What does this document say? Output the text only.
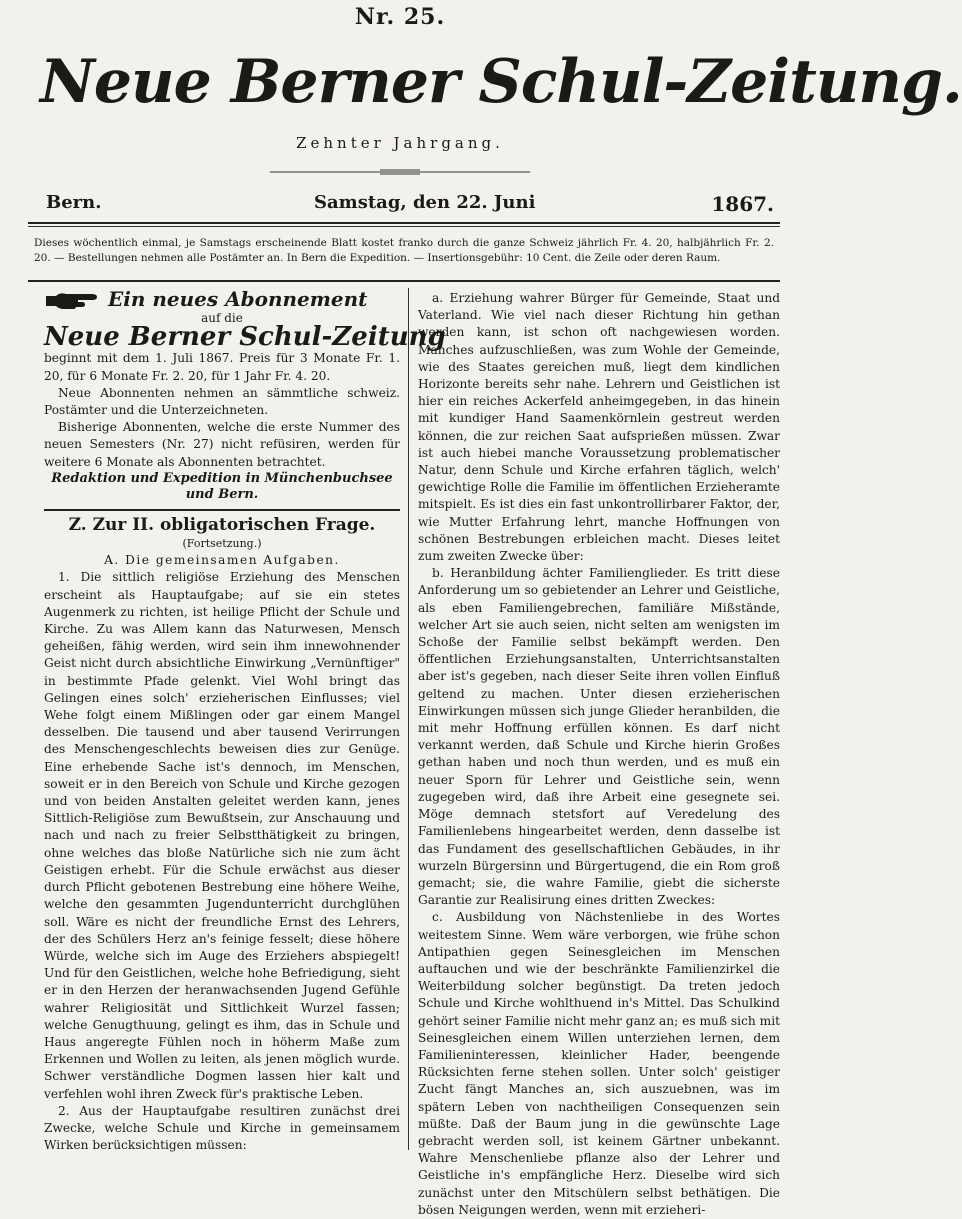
Nr. 25.
Neue Berner Schul-Zeitung.
Zehnter Jahrgang.
Bern.	Samstag, den 22. Juni	1867.
Dieses wöchentlich einmal, je Samstags erscheinende Blatt kostet franko durch die ganze Schweiz jährlich Fr. 4. 20, halbjährlich Fr. 2. 20. — Bestellungen nehmen alle Postämter an. In Bern die Expedition. — Insertionsgebühr: 10 Cent. die Zeile oder deren Raum.
Ein neues Abonnement

auf die

Neue Berner Schul-Zeitung

beginnt mit dem 1. Juli 1867. Preis für 3 Monate Fr. 1. 20, für 6 Monate Fr. 2. 20, für 1 Jahr Fr. 4. 20.

Neue Abonnenten nehmen an sämmtliche schweiz. Postämter und die Unterzeichneten.

Bisherige Abonnenten, welche die erste Nummer des neuen Semesters (Nr. 27) nicht refüsiren, werden für weitere 6 Monate als Abonnenten betrachtet.

Redaktion und Expedition in Münchenbuchsee und Bern.
Z. Zur II. obligatorischen Frage.

(Fortsetzung.)

A. Die gemeinsamen Aufgaben.

1. Die sittlich religiöse Erziehung des Menschen erscheint als Hauptaufgabe; auf sie ein stetes Augenmerk zu richten, ist heilige Pflicht der Schule und Kirche. Zu was Allem kann das Naturwesen, Mensch geheißen, fähig werden, wird sein ihm innewohnender Geist nicht durch absichtliche Einwirkung „Vernünftiger" in bestimmte Pfade gelenkt. Viel Wohl bringt das Gelingen eines solch' erzieherischen Einflusses; viel Wehe folgt einem Mißlingen oder gar einem Mangel desselben. Die tausend und aber tausend Verirrungen des Menschengeschlechts beweisen dies zur Genüge. Eine erhebende Sache ist's dennoch, im Menschen, soweit er in den Bereich von Schule und Kirche gezogen und von beiden Anstalten geleitet werden kann, jenes Sittlich-Religiöse zum Bewußtsein, zur Anschauung und nach und nach zu freier Selbstthätigkeit zu bringen, ohne welches das bloße Natürliche sich nie zum ächt Geistigen erhebt. Für die Schule erwächst aus dieser durch Pflicht gebotenen Bestrebung eine höhere Weihe, welche den gesammten Jugendunterricht durchglühen soll. Wäre es nicht der freundliche Ernst des Lehrers, der des Schülers Herz an's feinige fesselt; diese höhere Würde, welche sich im Auge des Erziehers abspiegelt! Und für den Geistlichen, welche hohe Befriedigung, sieht er in den Herzen der heranwachsenden Jugend Gefühle wahrer Religiosität und Sittlichkeit Wurzel fassen; welche Genugthuung, gelingt es ihm, das in Schule und Haus angeregte Fühlen noch in höherm Maße zum Erkennen und Wollen zu leiten, als jenen möglich wurde. Schwer verständliche Dogmen lassen hier kalt und verfehlen wohl ihren Zweck für's praktische Leben.

2. Aus der Hauptaufgabe resultiren zunächst drei Zwecke, welche Schule und Kirche in gemeinsamem Wirken berücksichtigen müssen:

a. Erziehung wahrer Bürger für Gemeinde, Staat und Vaterland. Wie viel nach dieser Richtung hin gethan werden kann, ist schon oft nachgewiesen worden. Manches aufzuschließen, was zum Wohle der Gemeinde, wie des Staates gereichen muß, liegt dem kindlichen Horizonte bereits sehr nahe. Lehrern und Geistlichen ist hier ein reiches Ackerfeld anheimgegeben, in das hinein mit kundiger Hand Saamenkörnlein gestreut werden können, die zur reichen Saat aufsprießen müssen. Zwar ist auch hiebei manche Voraussetzung problematischer Natur, denn Schule und Kirche erfahren täglich, welch' gewichtige Rolle die Familie im öffentlichen Erzieheramte mitspielt. Es ist dies ein fast unkontrollirbarer Faktor, der, wie Mutter Erfahrung lehrt, manche Hoffnungen von schönen Bestrebungen erbleichen macht. Dieses leitet zum zweiten Zwecke über:

b. Heranbildung ächter Familienglieder. Es tritt diese Anforderung um so gebietender an Lehrer und Geistliche, als eben Familiengebrechen, familiäre Mißstände, welcher Art sie auch seien, nicht selten am wenigsten im Schoße der Familie selbst bekämpft werden. Den öffentlichen Erziehungsanstalten, Unterrichtsanstalten aber ist's gegeben, nach dieser Seite ihren vollen Einfluß geltend zu machen. Unter diesen erzieherischen Einwirkungen müssen sich junge Glieder heranbilden, die mit mehr Hoffnung erfüllen können. Es darf nicht verkannt werden, daß Schule und Kirche hierin Großes gethan haben und noch thun werden, und es muß ein neuer Sporn für Lehrer und Geistliche sein, wenn zugegeben wird, daß ihre Arbeit eine gesegnete sei. Möge demnach stetsfort auf Veredelung des Familienlebens hingearbeitet werden, denn dasselbe ist das Fundament des gesellschaftlichen Gebäudes, in ihr wurzeln Bürgersinn und Bürgertugend, die ein Rom groß gemacht; sie, die wahre Familie, giebt die sicherste Garantie zur Realisirung eines dritten Zweckes:

c. Ausbildung von Nächstenliebe in des Wortes weitestem Sinne. Wem wäre verborgen, wie frühe schon Antipathien gegen Seinesgleichen im Menschen auftauchen und wie der beschränkte Familienzirkel die Weiterbildung solcher begünstigt. Da treten jedoch Schule und Kirche wohlthuend in's Mittel. Das Schulkind gehört seiner Familie nicht mehr ganz an; es muß sich mit Seinesgleichen einem Willen unterziehen lernen, dem Familieninteressen, kleinlicher Hader, beengende Rücksichten ferne stehen sollen. Unter solch' geistiger Zucht fängt Manches an, sich auszuebnen, was im spätern Leben von nachtheiligen Consequenzen sein müßte. Daß der Baum jung in die gewünschte Lage gebracht werden soll, ist keinem Gärtner unbekannt. Wahre Menschenliebe pflanze also der Lehrer und Geistliche in's empfängliche Herz. Dieselbe wird sich zunächst unter den Mitschülern selbst bethätigen. Die bösen Neigungen werden, wenn mit erzieheri-
